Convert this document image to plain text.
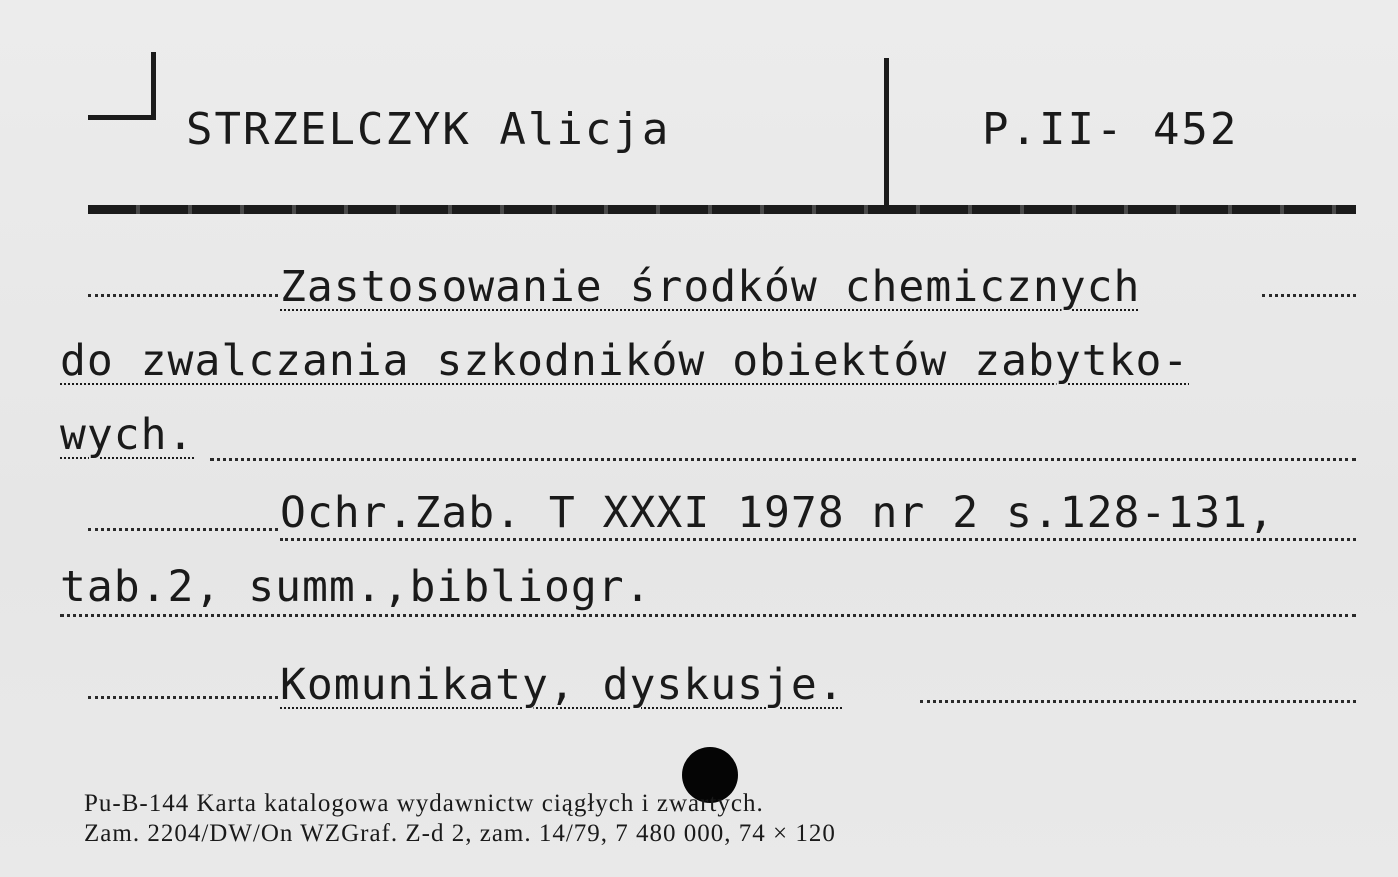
STRZELCZYK Alicja	P.II- 452
Zastosowanie środków chemicznych
do zwalczania szkodników obiektów zabytko-
wych.
Ochr.Zab. T XXXI 1978 nr 2 s.128-131,
tab.2, summ.,bibliogr.
Komunikaty, dyskusje.
Pu-B-144 Karta katalogowa wydawnictw ciągłych i zwartych.
Zam. 2204/DW/On WZGraf. Z-d 2, zam. 14/79, 7 480 000, 74 × 120
